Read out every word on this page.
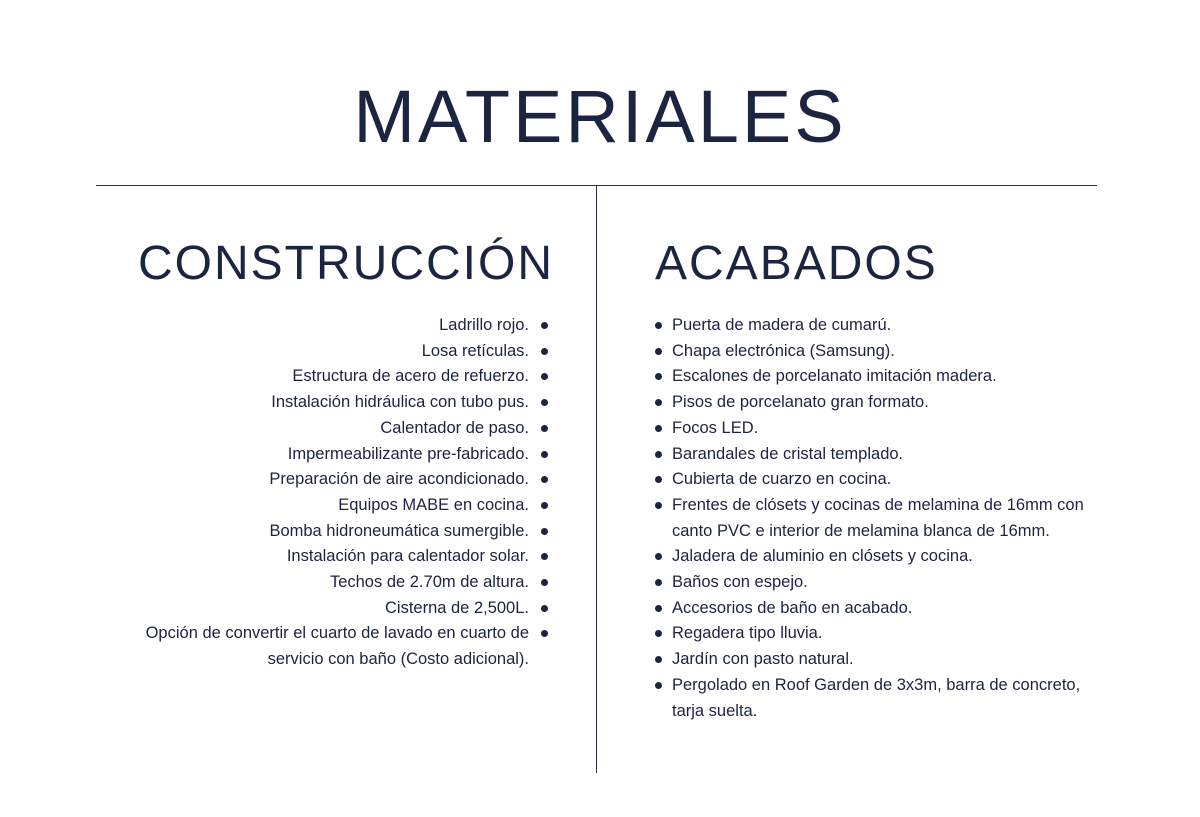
MATERIALES
CONSTRUCCIÓN ACABADOS
Ladrillo rojo.
Losa retículas.
Estructura de acero de refuerzo.
Instalación hidráulica con tubo pus.
Calentador de paso.
Impermeabilizante pre-fabricado.
Preparación de aire acondicionado.
Equipos MABE en cocina.
Bomba hidroneumática sumergible.
Instalación para calentador solar.
Techos de 2.70m de altura.
Cisterna de 2,500L.
Opción de convertir el cuarto de lavado en cuarto de servicio con baño (Costo adicional).
Puerta de madera de cumarú.
Chapa electrónica (Samsung).
Escalones de porcelanato imitación madera.
Pisos de porcelanato gran formato.
Focos LED.
Barandales de cristal templado.
Cubierta de cuarzo en cocina.
Frentes de clósets y cocinas de melamina de 16mm con canto PVC e interior de melamina blanca de 16mm.
Jaladera de aluminio en clósets y cocina.
Baños con espejo.
Accesorios de baño en acabado.
Regadera tipo lluvia.
Jardín con pasto natural.
Pergolado en Roof Garden de 3x3m, barra de concreto, tarja suelta.
